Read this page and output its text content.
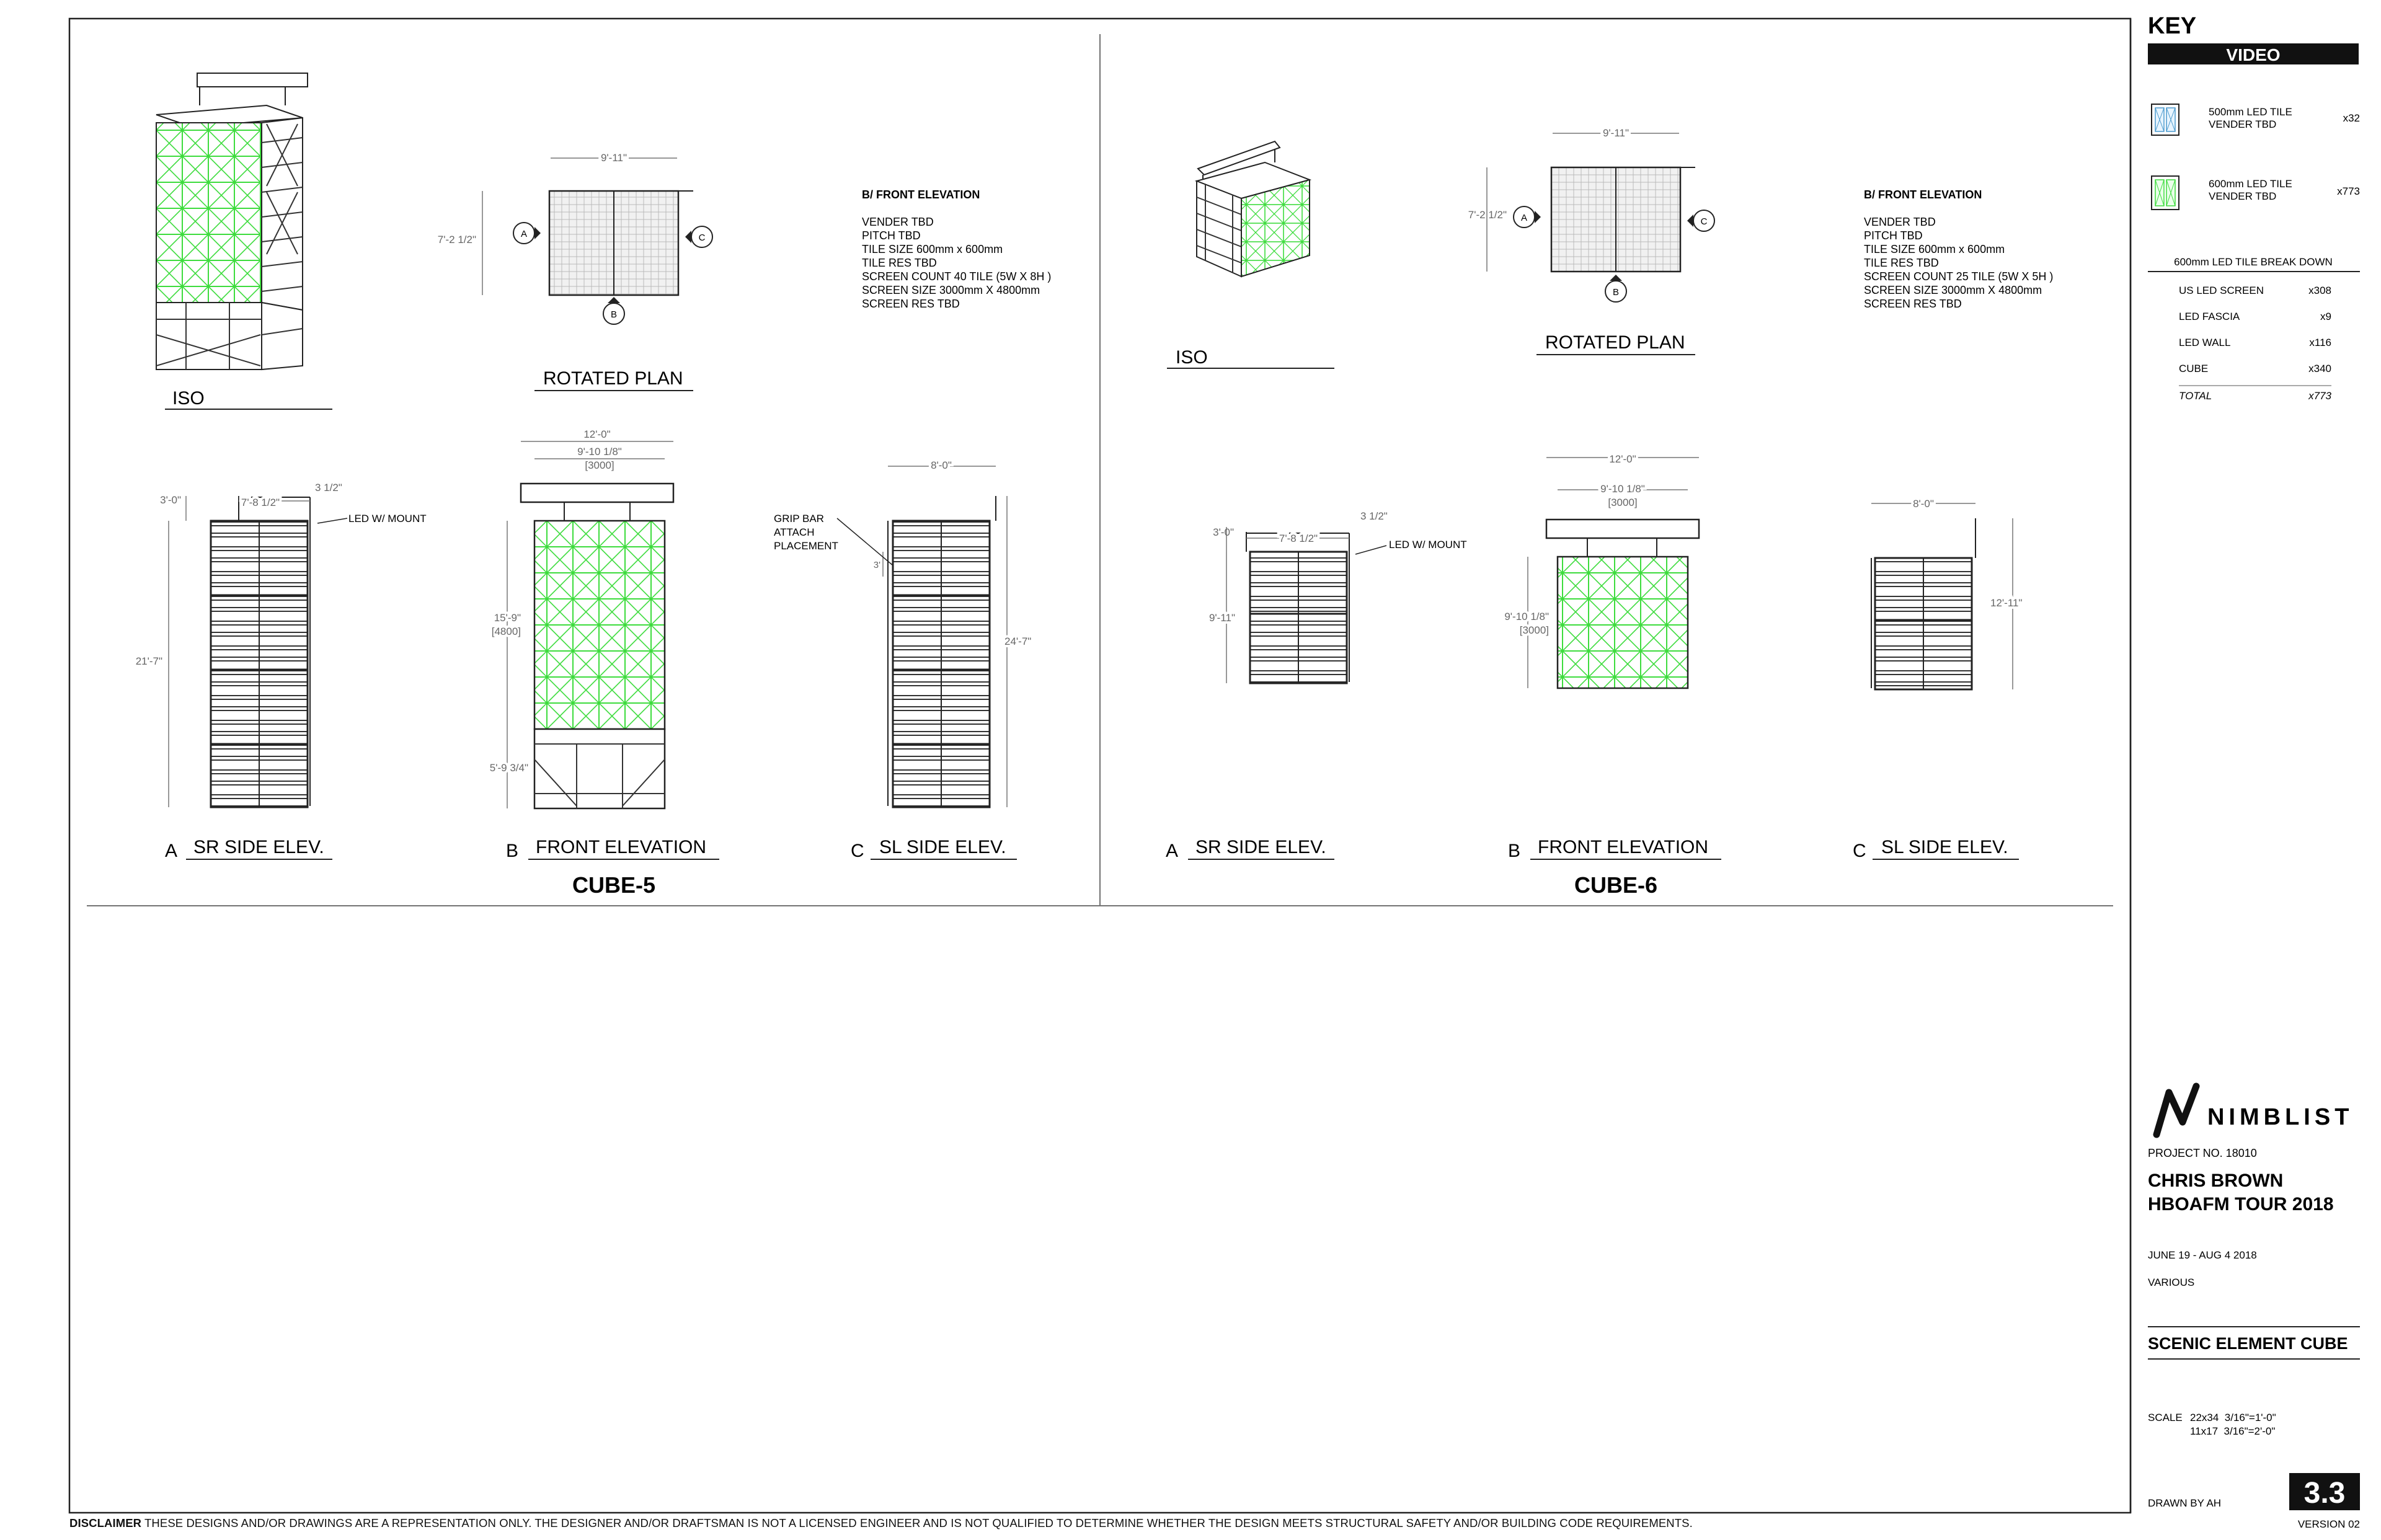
ISO
9'-11"
7'-2 1/2"	A	C
B
ROTATED PLAN
B/ FRONT ELEVATION
VENDER TBD
PITCH TBD
TILE SIZE 600mm x 600mm
TILE RES TBD
SCREEN COUNT 40 TILE (5W X 8H )
SCREEN SIZE 3000mm X 4800mm
SCREEN RES TBD
3'-0"	7'-8 1/2"
3 1/2"
21'-7"
LED W/ MOUNT
A SR SIDE ELEV.
12'-0"
9'-10 1/8"
[3000]
15'-9"
[4800]
5'-9 3/4"
B FRONT ELEVATION
CUBE-5
8'-0"
24'-7"
3'
GRIP BAR
ATTACH
PLACEMENT
C SL SIDE ELEV.
ISO
9'-11"
7'-2 1/2" A	C
B
ROTATED PLAN
B/ FRONT ELEVATION
VENDER TBD
PITCH TBD
TILE SIZE 600mm x 600mm
TILE RES TBD
SCREEN COUNT 25 TILE (5W X 5H )
SCREEN SIZE 3000mm X 4800mm
SCREEN RES TBD
3'-0"
7'-8 1/2"
3 1/2"
9'-11"
LED W/ MOUNT
A SR SIDE ELEV.
12'-0"
9'-10 1/8"
[3000]
9'-10 1/8"
[3000]
B FRONT ELEVATION
CUBE-6
8'-0"
12'-11"
C SL SIDE ELEV.
KEY
VIDEO
500mm LED TILE
VENDER TBD
x32
600mm LED TILE
VENDER TBD	x773
600mm LED TILE BREAK DOWN
US LED SCREEN	x308
LED FASCIA	x9
LED WALL	x116
CUBE	x340
TOTAL	x773
NIMBLIST
PROJECT NO. 18010
CHRIS BROWN
HBOAFM TOUR 2018
JUNE 19 - AUG 4 2018
VARIOUS
SCENIC ELEMENT CUBE
SCALE 22x34  3/16"=1'-0"
11x17  3/16"=2'-0"
DRAWN BY AH	3.3
VERSION 02
DISCLAIMER THESE DESIGNS AND/OR DRAWINGS ARE A REPRESENTATION ONLY. THE DESIGNER AND/OR DRAFTSMAN IS NOT A LICENSED ENGINEER AND IS NOT QUALIFIED TO DETERMINE WHETHER THE DESIGN MEETS STRUCTURAL SAFETY AND/OR BUILDING CODE REQUIREMENTS.
